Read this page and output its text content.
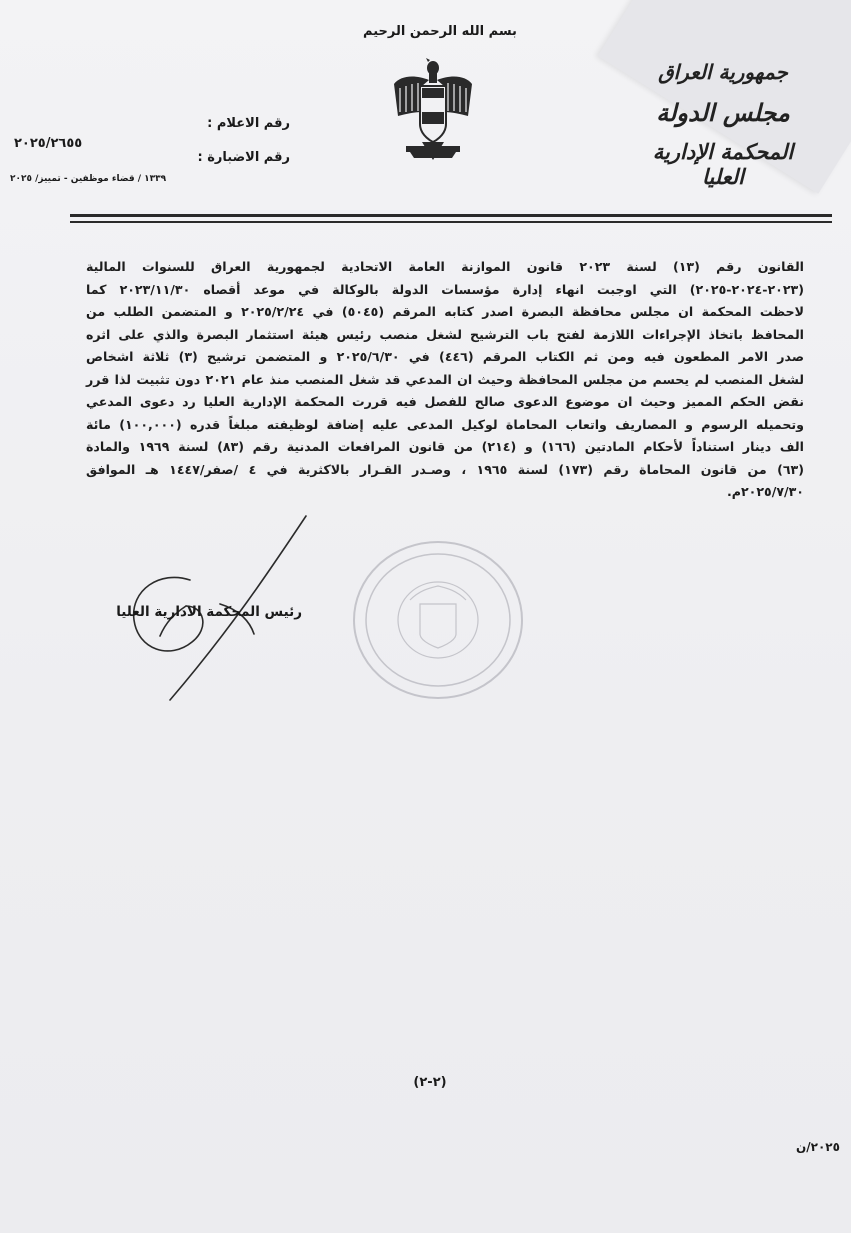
بسم الله الرحمن الرحيم
جمهورية العراق
مجلس الدولة
المحكمة الإدارية العليا
رقم الاعلام :
رقم الاضبارة :
٢٠٢٥/٢٦٥٥
١٣٣٩ / قضاء موظفين - تمييز/ ٢٠٢٥

القانون رقم (١٣) لسنة ٢٠٢٣ قانون الموازنة العامة الاتحادية لجمهورية العراق للسنوات المالية

(٢٠٢٣-٢٠٢٤-٢٠٢٥) التي اوجبت انهاء إدارة مؤسسات الدولة بالوكالة في موعد أقصاه ٢٠٢٣/١١/٣٠ كما

لاحظت المحكمة ان مجلس محافظة البصرة اصدر كتابه المرقم (٥٠٤٥) في ٢٠٢٥/٢/٢٤ و المتضمن الطلب من

المحافظ باتخاذ الإجراءات اللازمة لفتح باب الترشيح لشغل منصب رئيس هيئة استثمار البصرة والذي على اثره

صدر الامر المطعون فيه ومن ثم الكتاب المرقم (٤٤٦) في ٢٠٢٥/٦/٣٠ و المتضمن ترشيح (٣) ثلاثة اشخاص

لشغل المنصب لم يحسم من مجلس المحافظة وحيث ان المدعي قد شغل المنصب منذ عام ٢٠٢١ دون تثبيت لذا قرر

نقض الحكم المميز وحيث ان موضوع الدعوى صالح للفصل فيه قررت المحكمة الإدارية العليا رد دعوى المدعي

وتحميله الرسوم و المصاريف واتعاب المحاماة لوكيل المدعى عليه إضافة لوظيفته مبلغاً قدره (١٠٠,٠٠٠) مائة

الف دينار استناداً لأحكام المادتين (١٦٦) و (٢١٤) من قانون المرافعات المدنية رقم (٨٣) لسنة ١٩٦٩ والمادة

(٦٣) من قانون المحاماة رقم (١٧٣) لسنة ١٩٦٥ ، وصـدر القـرار بالاكثرية في ٤ /صفر/١٤٤٧ هـ الموافق

٢٠٢٥/٧/٣٠م.

رئيس المحكمة الادارية العليا
(٢-٢)
٢٠٢٥/ن
